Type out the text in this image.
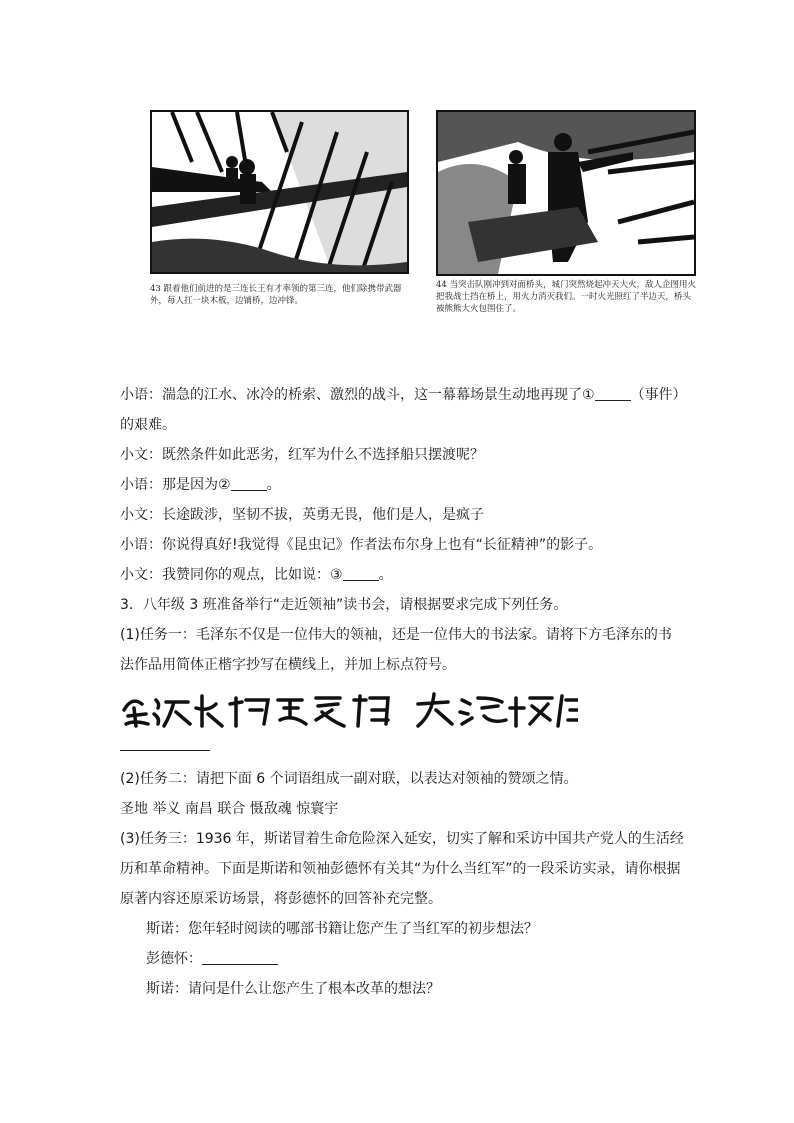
43 跟着他们前进的是三连长王有才率领的第三连，他们除携带武器外，每人扛一块木板，边铺桥，边冲锋。
44 当突击队刚冲到对面桥头，城门突然烧起冲天大火，敌人企图用火把我战士挡在桥上，用火力消灭我们。一时火光照红了半边天，桥头被熊熊大火包围住了。
小语：湍急的江水、冰冷的桥索、激烈的战斗，这一幕幕场景生动地再现了①	（事件）
的艰难。
小文：既然条件如此恶劣，红军为什么不选择船只摆渡呢？
小语：那是因为②	。
小文：长途跋涉，坚韧不拔，英勇无畏，他们是人，是疯子
小语：你说得真好!我觉得《昆虫记》作者法布尔身上也有“长征精神”的影子。
小文：我赞同你的观点，比如说：③	。
3．八年级 3 班准备举行“走近领袖”读书会，请根据要求完成下列任务。
(1)任务一：毛泽东不仅是一位伟大的领袖，还是一位伟大的书法家。请将下方毛泽东的书
法作品用简体正楷字抄写在横线上，并加上标点符号。
(2)任务二：请把下面 6 个词语组成一副对联，以表达对领袖的赞颂之情。
圣地 举义 南昌 联合 慑敌魂 惊寰宇
(3)任务三：1936 年，斯诺冒着生命危险深入延安，切实了解和采访中国共产党人的生活经
历和革命精神。下面是斯诺和领袖彭德怀有关其“为什么当红军”的一段采访实录，请你根据
原著内容还原采访场景，将彭德怀的回答补充完整。
斯诺：您年轻时阅读的哪部书籍让您产生了当红军的初步想法？
彭德怀：
斯诺：请问是什么让您产生了根本改革的想法？
